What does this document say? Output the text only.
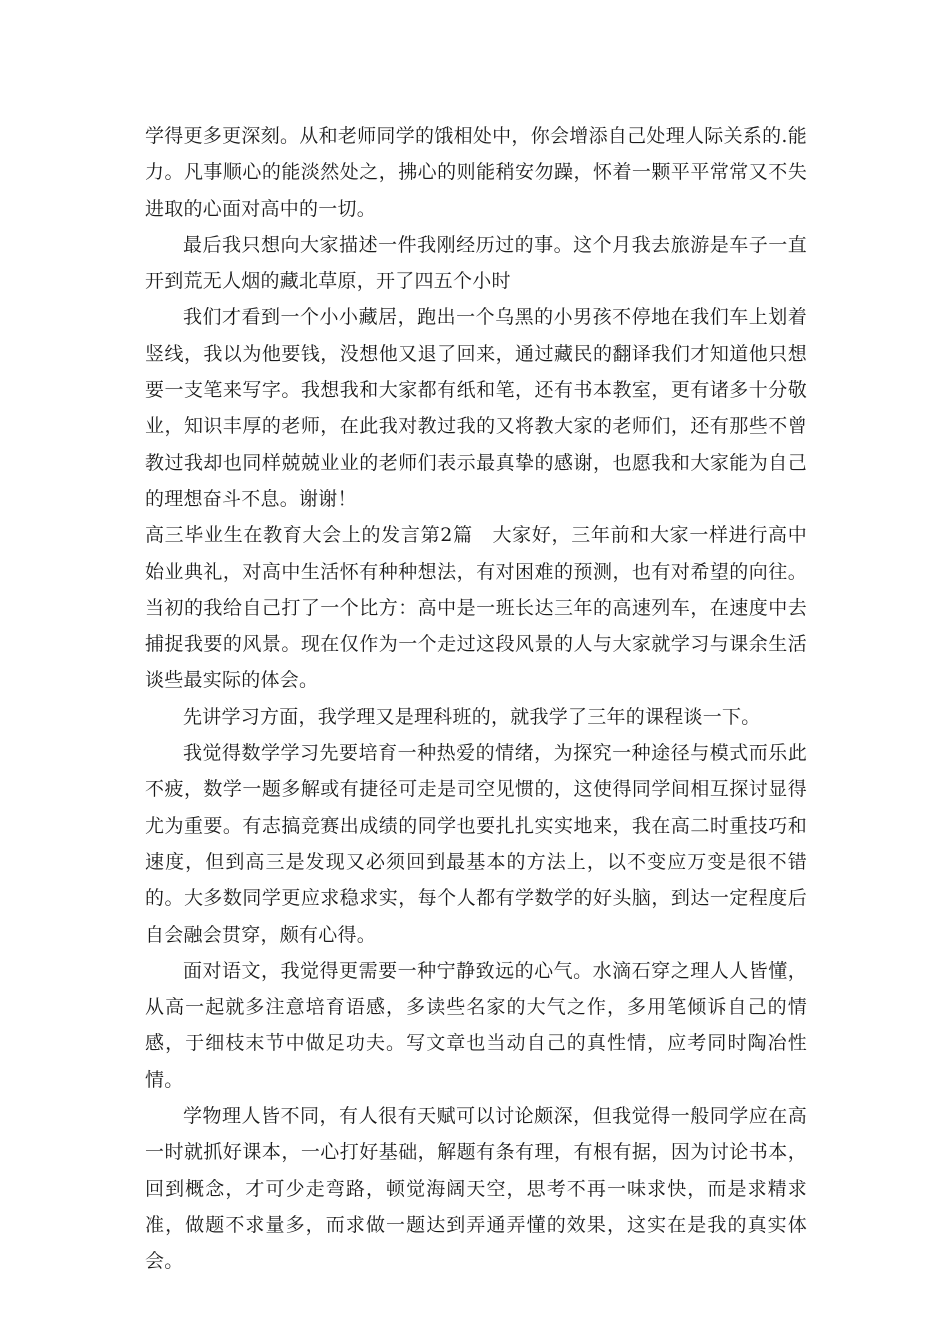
学得更多更深刻。从和老师同学的饿相处中，你会增添自己处理人际关系的.能力。凡事顺心的能淡然处之，拂心的则能稍安勿躁，怀着一颗平平常常又不失进取的心面对高中的一切。

最后我只想向大家描述一件我刚经历过的事。这个月我去旅游是车子一直开到荒无人烟的藏北草原，开了四五个小时

我们才看到一个小小藏居，跑出一个乌黑的小男孩不停地在我们车上划着竖线，我以为他要钱，没想他又退了回来，通过藏民的翻译我们才知道他只想要一支笔来写字。我想我和大家都有纸和笔，还有书本教室，更有诸多十分敬业，知识丰厚的老师，在此我对教过我的又将教大家的老师们，还有那些不曾教过我却也同样兢兢业业的老师们表示最真挚的感谢，也愿我和大家能为自己的理想奋斗不息。谢谢！

高三毕业生在教育大会上的发言第2篇　大家好，三年前和大家一样进行高中始业典礼，对高中生活怀有种种想法，有对困难的预测，也有对希望的向往。当初的我给自己打了一个比方：高中是一班长达三年的高速列车，在速度中去捕捉我要的风景。现在仅作为一个走过这段风景的人与大家就学习与课余生活谈些最实际的体会。

先讲学习方面，我学理又是理科班的，就我学了三年的课程谈一下。

我觉得数学学习先要培育一种热爱的情绪，为探究一种途径与模式而乐此不疲，数学一题多解或有捷径可走是司空见惯的，这使得同学间相互探讨显得尤为重要。有志搞竞赛出成绩的同学也要扎扎实实地来，我在高二时重技巧和速度，但到高三是发现又必须回到最基本的方法上，以不变应万变是很不错的。大多数同学更应求稳求实，每个人都有学数学的好头脑，到达一定程度后自会融会贯穿，颇有心得。

面对语文，我觉得更需要一种宁静致远的心气。水滴石穿之理人人皆懂，从高一起就多注意培育语感，多读些名家的大气之作，多用笔倾诉自己的情感，于细枝末节中做足功夫。写文章也当动自己的真性情，应考同时陶冶性情。

学物理人皆不同，有人很有天赋可以讨论颇深，但我觉得一般同学应在高一时就抓好课本，一心打好基础，解题有条有理，有根有据，因为讨论书本，回到概念，才可少走弯路，顿觉海阔天空，思考不再一味求快，而是求精求准，做题不求量多，而求做一题达到弄通弄懂的效果，这实在是我的真实体会。
